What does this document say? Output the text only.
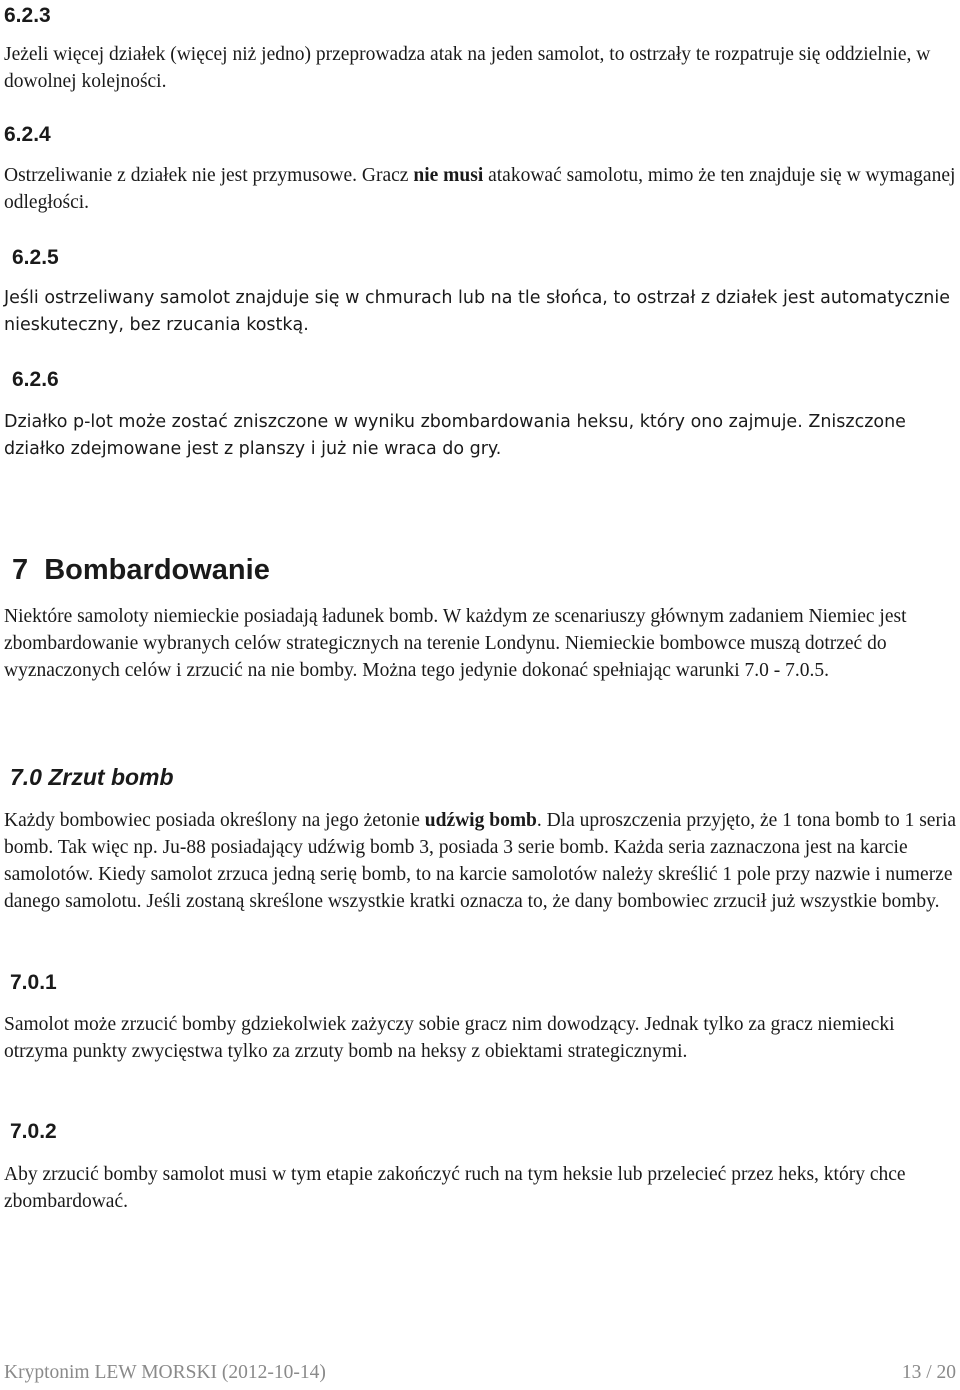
6.2.3

Jeżeli więcej działek (więcej niż jedno) przeprowadza atak na jeden samolot, to ostrzały te rozpatruje się oddzielnie, w dowolnej kolejności.

6.2.4

Ostrzeliwanie z działek nie jest przymusowe. Gracz nie musi atakować samolotu, mimo że ten znajduje się w wymaganej odległości.

6.2.5

Jeśli ostrzeliwany samolot znajduje się w chmurach lub na tle słońca, to ostrzał z działek jest automatycznie nieskuteczny, bez rzucania kostką.

6.2.6

Działko p-lot może zostać zniszczone w wyniku zbombardowania heksu, który ono zajmuje. Zniszczone działko zdejmowane jest z planszy i już nie wraca do gry.

7  Bombardowanie

Niektóre samoloty niemieckie posiadają ładunek bomb. W każdym ze scenariuszy głównym zadaniem Niemiec jest zbombardowanie wybranych celów strategicznych na terenie Londynu. Niemieckie bombowce muszą dotrzeć do wyznaczonych celów i zrzucić na nie bomby. Można tego jedynie dokonać spełniając warunki 7.0 - 7.0.5.

7.0 Zrzut bomb

Każdy bombowiec posiada określony na jego żetonie udźwig bomb. Dla uproszczenia przyjęto, że 1 tona bomb to 1 seria bomb. Tak więc np. Ju-88 posiadający udźwig bomb 3, posiada 3 serie bomb. Każda seria zaznaczona jest na karcie samolotów. Kiedy samolot zrzuca jedną serię bomb, to na karcie samolotów należy skreślić 1 pole przy nazwie i numerze danego samolotu. Jeśli zostaną skreślone wszystkie kratki oznacza to, że dany bombowiec zrzucił już wszystkie bomby.

7.0.1

Samolot może zrzucić bomby gdziekolwiek zażyczy sobie gracz nim dowodzący. Jednak tylko za gracz niemiecki otrzyma punkty zwycięstwa tylko za zrzuty bomb na heksy z obiektami strategicznymi.

7.0.2

Aby zrzucić bomby samolot musi w tym etapie zakończyć ruch na tym heksie lub przelecieć przez heks, który chce zbombardować.

Kryptonim LEW MORSKI (2012-10-14)	13 / 20
